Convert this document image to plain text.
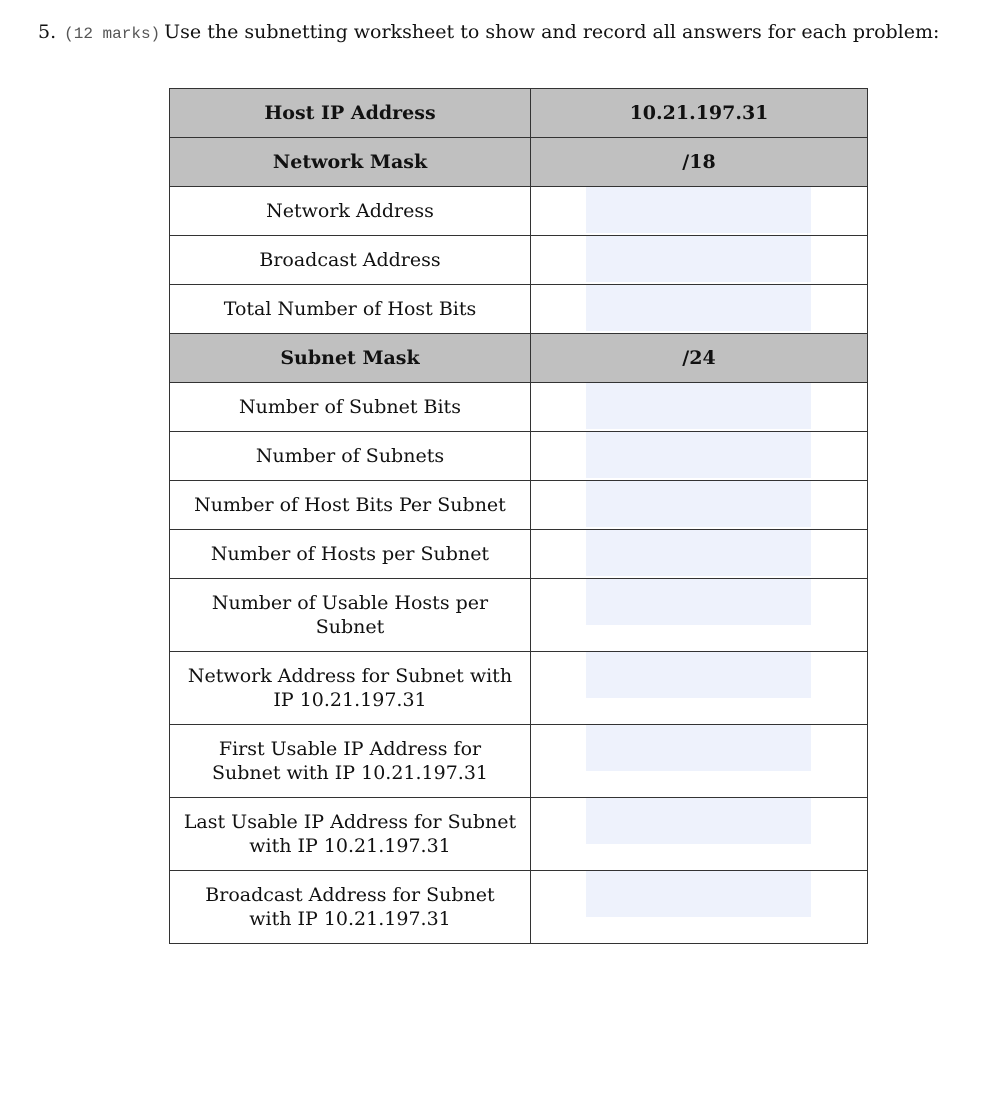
5. (12 marks) Use the subnetting worksheet to show and record all answers for each problem:
Host IP Address	10.21.197.31
Network Mask	/18
Network Address	

Broadcast Address	

Total Number of Host Bits	

Subnet Mask	/24
Number of Subnet Bits	

Number of Subnets	

Number of Host Bits Per Subnet	

Number of Hosts per Subnet	

Number of Usable Hosts per Subnet	

Network Address for Subnet with IP 10.21.197.31	

First Usable IP Address for Subnet with IP 10.21.197.31	

Last Usable IP Address for Subnet with IP 10.21.197.31	

Broadcast Address for Subnet with IP 10.21.197.31	
